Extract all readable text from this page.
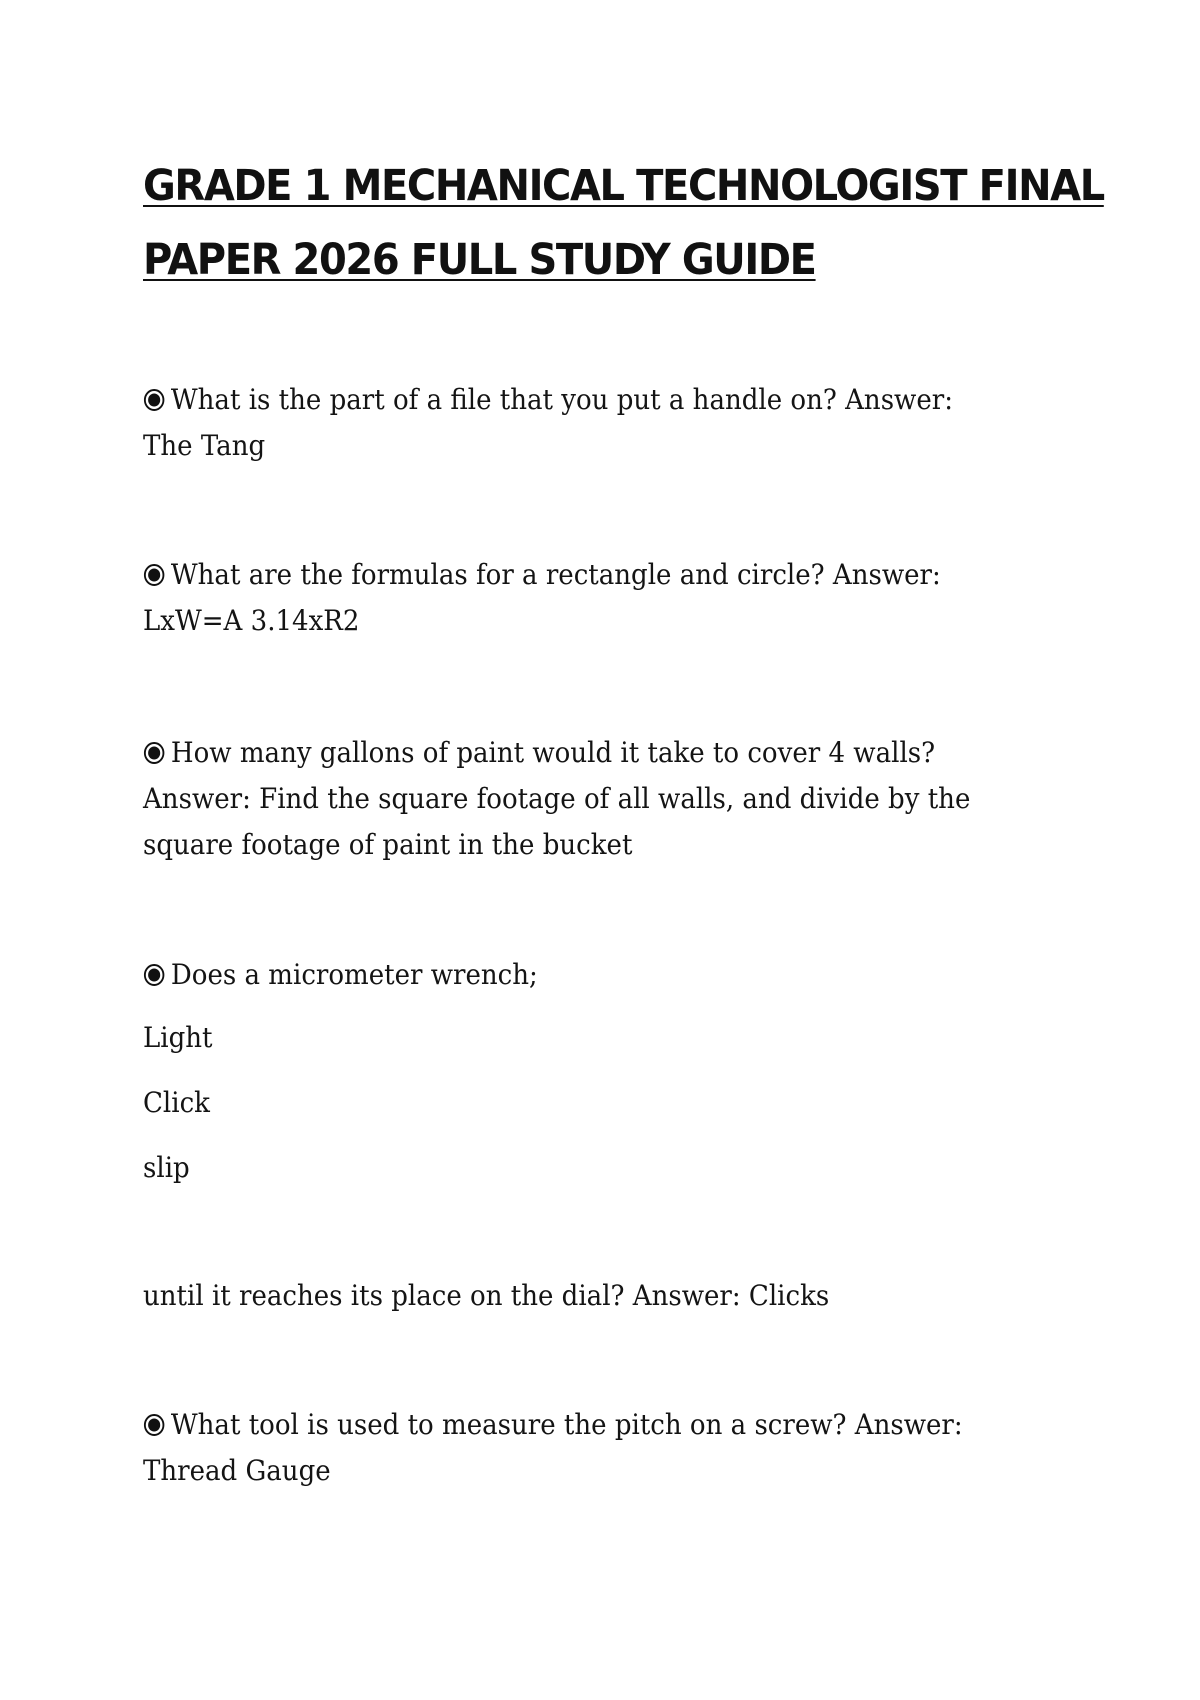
GRADE 1 MECHANICAL TECHNOLOGIST FINAL
PAPER 2026 FULL STUDY GUIDE

What is the part of a file that you put a handle on? Answer: The Tang

What are the formulas for a rectangle and circle? Answer: LxW=A 3.14xR2

How many gallons of paint would it take to cover 4 walls? Answer: Find the square footage of all walls, and divide by the square footage of paint in the bucket

Does a micrometer wrench;

Light

Click

slip

until it reaches its place on the dial? Answer: Clicks

What tool is used to measure the pitch on a screw? Answer: Thread Gauge
